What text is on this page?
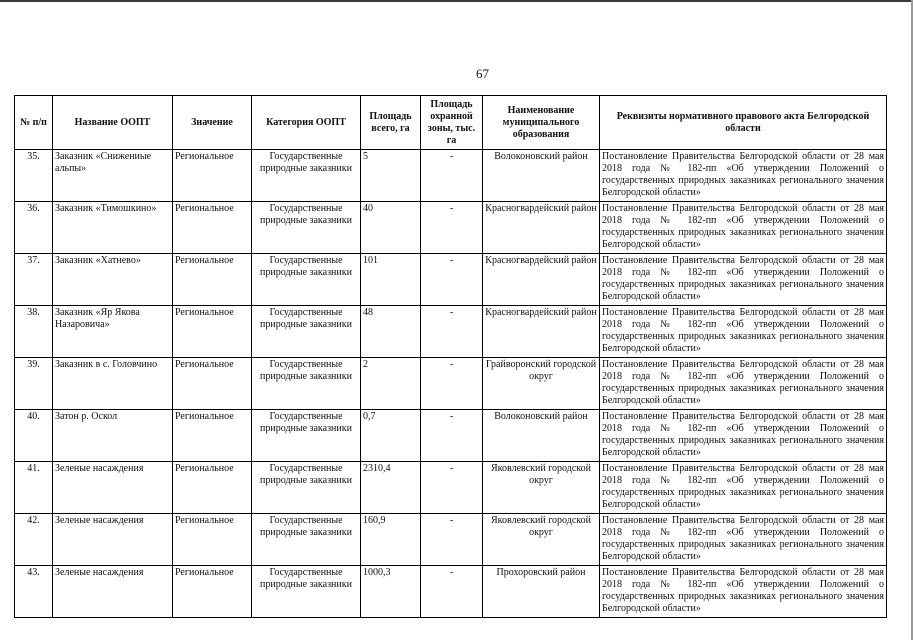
67
№ п/п	Название ООПТ	Значение	Категория ООПТ	Площадь всего, га	Площадь охранной зоны, тыс. га	Наименование муниципального образования	Реквизиты нормативного правового акта Белгородской области
35.	Заказник «Снижениые альпы»	Региональное	Государственные природные заказники	5	-	Волоконовский район	Постановление Правительства Белгородской области от 28 мая 2018 года № 182-пп «Об утверждении Положений о государственных природных заказниках регионального значения Белгородской области»
36.	Заказник «Тимошкино»	Региональное	Государственные природные заказники	40	-	Красногвардейский район	Постановление Правительства Белгородской области от 28 мая 2018 года № 182-пп «Об утверждении Положений о государственных природных заказниках регионального значения Белгородской области»
37.	Заказник «Хатнево»	Региональное	Государственные природные заказники	101	-	Красногвардейский район	Постановление Правительства Белгородской области от 28 мая 2018 года № 182-пп «Об утверждении Положений о государственных природных заказниках регионального значения Белгородской области»
38.	Заказник «Яр Якова Назаровича»	Региональное	Государственные природные заказники	48	-	Красногвардейский район	Постановление Правительства Белгородской области от 28 мая 2018 года № 182-пп «Об утверждении Положений о государственных природных заказниках регионального значения Белгородской области»
39.	Заказник в с. Головчино	Региональное	Государственные природные заказники	2	-	Грайворонский городской округ	Постановление Правительства Белгородской области от 28 мая 2018 года № 182-пп «Об утверждении Положений о государственных природных заказниках регионального значения Белгородской области»
40.	Затон р. Оскол	Региональное	Государственные природные заказники	0,7	-	Волоконовский район	Постановление Правительства Белгородской области от 28 мая 2018 года № 182-пп «Об утверждении Положений о государственных природных заказниках регионального значения Белгородской области»
41.	Зеленые насаждения	Региональное	Государственные природные заказники	2310,4	-	Яковлевский городской округ	Постановление Правительства Белгородской области от 28 мая 2018 года № 182-пп «Об утверждении Положений о государственных природных заказниках регионального значения Белгородской области»
42.	Зеленые насаждения	Региональное	Государственные природные заказники	160,9	-	Яковлевский городской округ	Постановление Правительства Белгородской области от 28 мая 2018 года № 182-пп «Об утверждении Положений о государственных природных заказниках регионального значения Белгородской области»
43.	Зеленые насаждения	Региональное	Государственные природные заказники	1000,3	-	Прохоровский район	Постановление Правительства Белгородской области от 28 мая 2018 года № 182-пп «Об утверждении Положений о государственных природных заказниках регионального значения Белгородской области»
